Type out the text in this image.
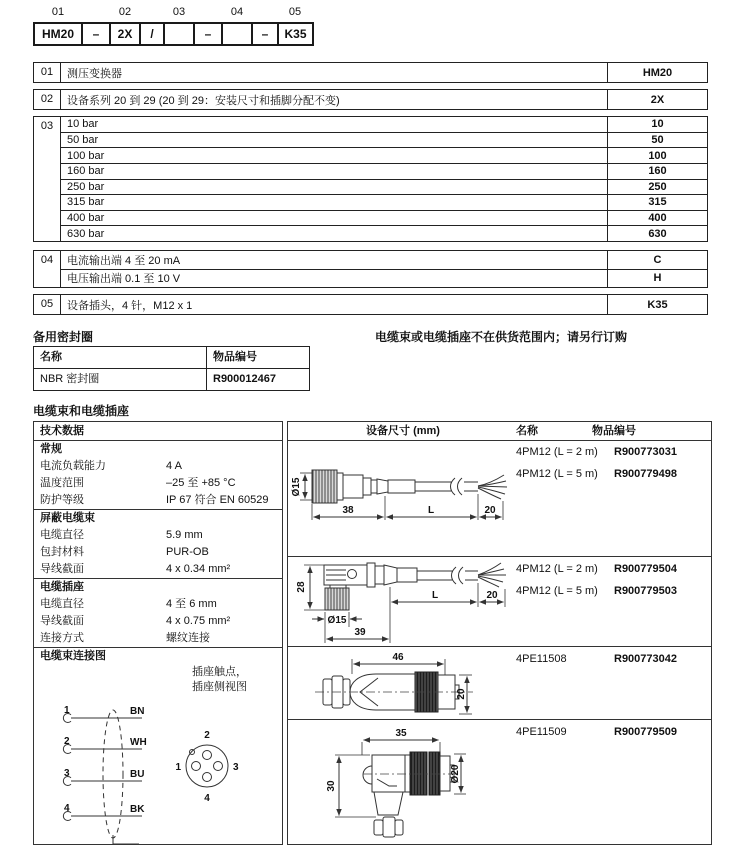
01	02	03	04	05
HM20	–	2X	/	–	–	K35
01	测压变换器	HM20
02	设备系列 20 到 29 (20 到 29：安装尺寸和插脚分配不变)	2X
03	10 bar	10
50 bar	50
100 bar	100
160 bar	160
250 bar	250
315 bar	315
400 bar	400
630 bar	630
04	电流输出端 4 至 20 mA	C
电压输出端 0.1 至 10 V	H
05	设备插头，4 针，M12 x 1	K35
备用密封圈	电缆束或电缆插座不在供货范围内；请另行订购
名称	物品编号
NBR 密封圈	R900012467
电缆束和电缆插座
技术数据
常规
电流负载能力	4 A
温度范围	–25 至 +85 °C
防护等级	IP 67 符合 EN 60529
屏蔽电缆束
电缆直径	5.9 mm
包封材料	PUR-OB
导线截面	4 x 0.34 mm²
电缆插座
电缆直径	4 至 6 mm
导线截面	4 x 0.75 mm²
连接方式	螺纹连接
电缆束连接图
插座触点，
插座侧视图
1	BN
2	WH
3	BU
4	BK
2
1	3
4
设备尺寸 (mm)	名称	物品编号
4PM12 (L = 2 m) R900773031
4PM12 (L = 5 m) R900779498
Ø15
38	L	20
4PM12 (L = 2 m) R900779504
4PM12 (L = 5 m) R900779503
28
Ø15
39
L	20
4PE11508	R900773042
46
20
4PE11509	R900779509
35
30
Ø20
